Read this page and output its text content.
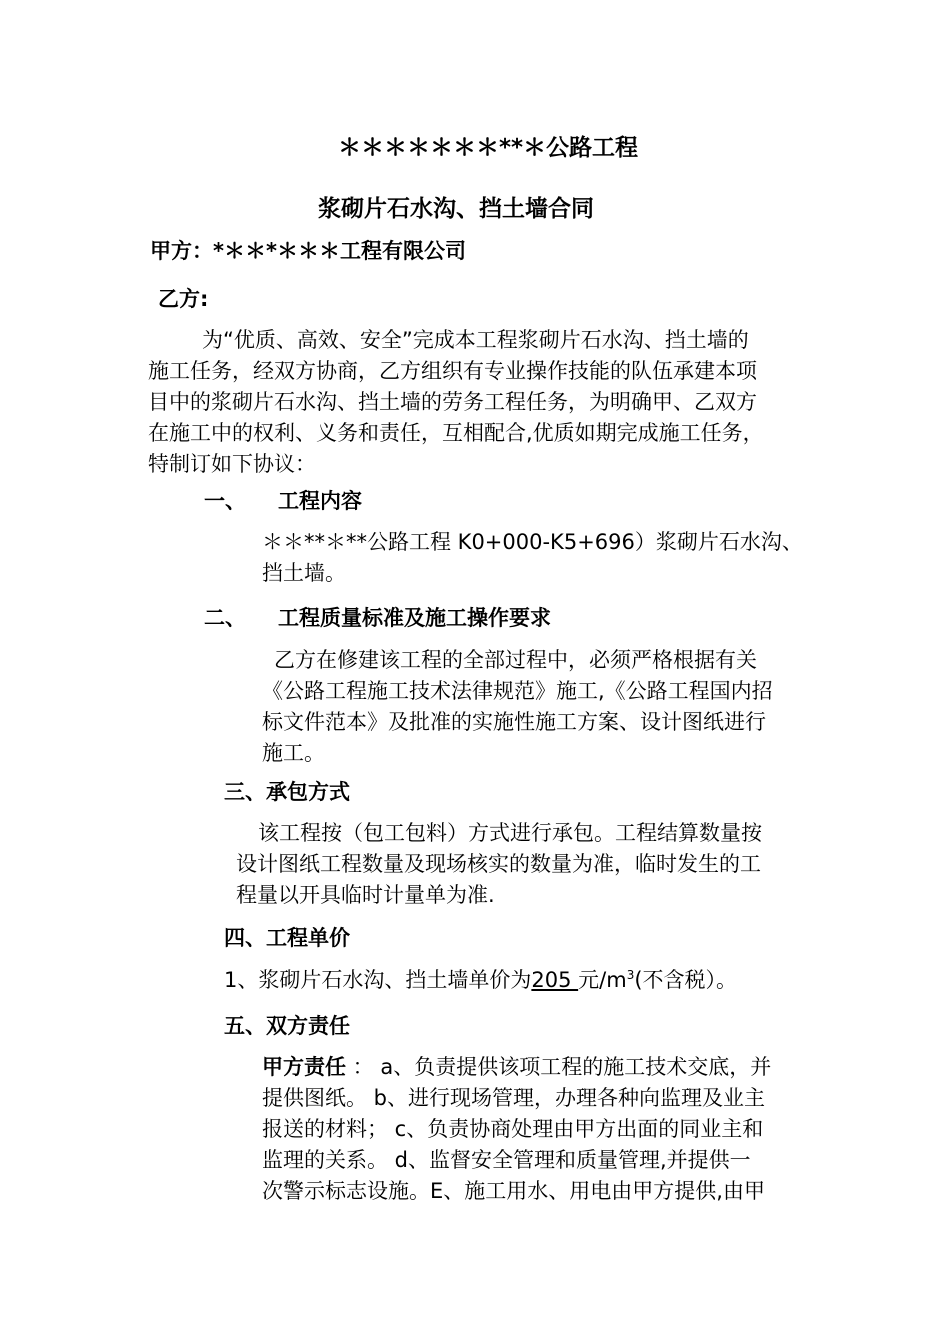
＊＊＊＊＊＊＊**＊公路工程
浆砌片石水沟、挡土墙合同
甲方：*＊＊*＊＊＊工程有限公司
乙方:
为“优质、高效、安全”完成本工程浆砌片石水沟、挡土墙的
施工任务，经双方协商，乙方组织有专业操作技能的队伍承建本项
目中的浆砌片石水沟、挡土墙的劳务工程任务，为明确甲、乙双方
在施工中的权利、义务和责任，互相配合,优质如期完成施工任务，
特制订如下协议：
一、 工程内容
＊＊**＊**公路工程 K0+000-K5+696）浆砌片石水沟、
挡土墙。
二、 工程质量标准及施工操作要求
乙方在修建该工程的全部过程中，必须严格根据有关
《公路工程施工技术法律规范》施工,《公路工程国内招
标文件范本》及批准的实施性施工方案、设计图纸进行
施工。
三、承包方式
该工程按（包工包料）方式进行承包。工程结算数量按
设计图纸工程数量及现场核实的数量为准，临时发生的工
程量以开具临时计量单为准.
四、工程单价
1、浆砌片石水沟、挡土墙单价为205 元$/m^3$(不含税）。
五、双方责任
甲方责任 ： a、负责提供该项工程的施工技术交底，并
提供图纸。 b、进行现场管理，办理各种向监理及业主
报送的材料； c、负责协商处理由甲方出面的同业主和
监理的关系。 d、监督安全管理和质量管理,并提供一
次警示标志设施。E、施工用水、用电由甲方提供,由甲
